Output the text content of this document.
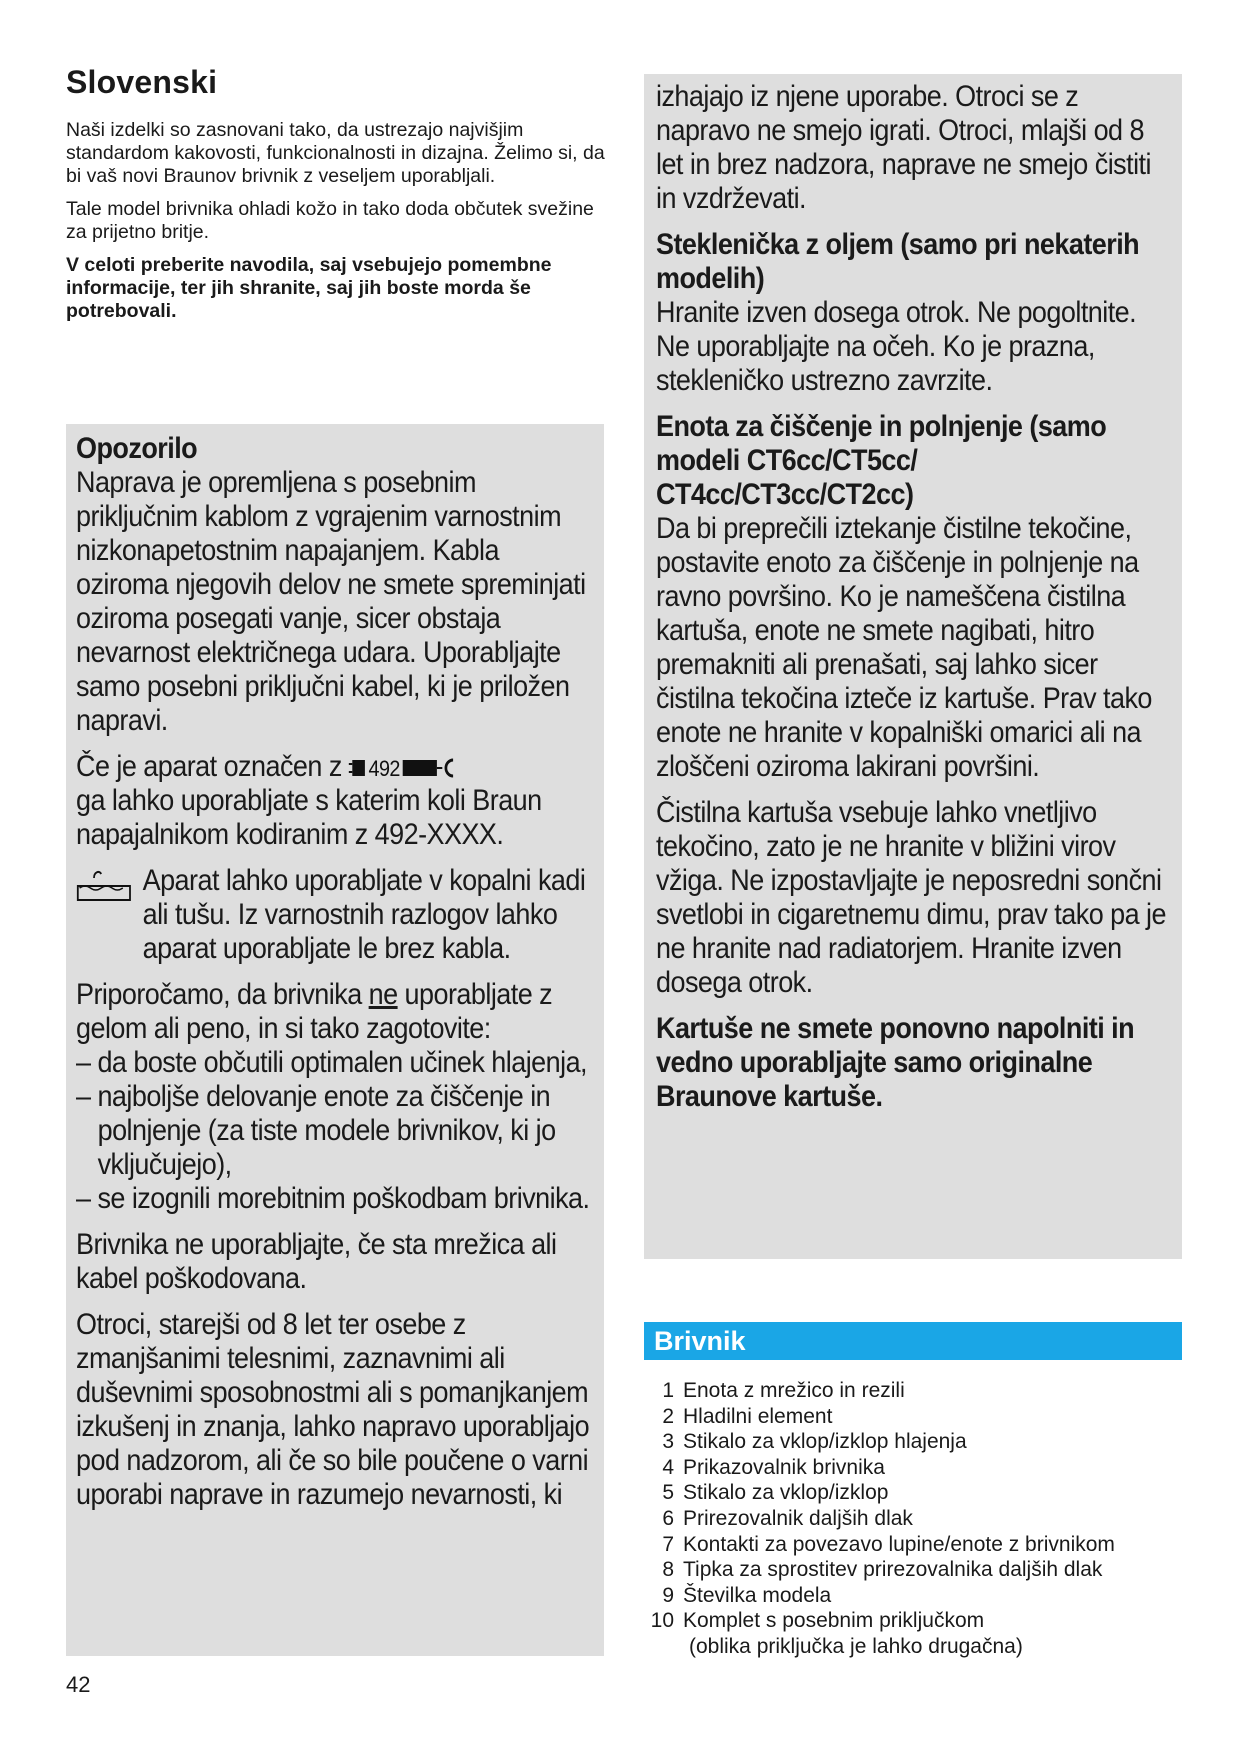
Slovenski

Naši izdelki so zasnovani tako, da ustrezajo najvišjim standardom kakovosti, funkcionalnosti in dizajna. Želimo si, da bi vaš novi Braunov brivnik z veseljem uporabljali.

Tale model brivnika ohladi kožo in tako doda občutek svežine za prijetno britje.

V celoti preberite navodila, saj vsebujejo pomembne informacije, ter jih shranite, saj jih boste morda še potrebovali.

Opozorilo

Naprava je opremljena s posebnim priključnim kablom z vgrajenim varnostnim nizkonapetostnim napajanjem. Kabla oziroma njegovih delov ne smete spreminjati oziroma posegati vanje, sicer obstaja nevarnost električnega udara. Uporabljajte samo posebni priključni kabel, ki je priložen napravi.

Če je aparat označen z 492

ga lahko uporabljate s katerim koli Braun napajalnikom kodiranim z 492-XXXX.

Aparat lahko uporabljate v kopalni kadi ali tušu. Iz varnostnih razlogov lahko aparat uporabljate le brez kabla.

Priporočamo, da brivnika ne uporabljate z gelom ali peno, in si tako zagotovite:

– da boste občutili optimalen učinek hlajenja,
– najboljše delovanje enote za čiščenje in polnjenje (za tiste modele brivnikov, ki jo vključujejo),
– se izognili morebitnim poškodbam brivnika.

Brivnika ne uporabljajte, če sta mrežica ali kabel poškodovana.

Otroci, starejši od 8 let ter osebe z zmanjšanimi telesnimi, zaznavnimi ali duševnimi sposobnostmi ali s pomanjkanjem izkušenj in znanja, lahko napravo uporabljajo pod nadzorom, ali če so bile poučene o varni uporabi naprave in razumejo nevarnosti, ki

izhajajo iz njene uporabe. Otroci se z napravo ne smejo igrati. Otroci, mlajši od 8 let in brez nadzora, naprave ne smejo čistiti in vzdrževati.

Steklenička z oljem (samo pri nekaterih modelih)

Hranite izven dosega otrok. Ne pogoltnite. Ne uporabljajte na očeh. Ko je prazna, stekleničko ustrezno zavrzite.

Enota za čiščenje in polnjenje (samo modeli CT6cc/CT5cc/ CT4cc/CT3cc/CT2cc)

Da bi preprečili iztekanje čistilne tekočine, postavite enoto za čiščenje in polnjenje na ravno površino. Ko je nameščena čistilna kartuša, enote ne smete nagibati, hitro premakniti ali prenašati, saj lahko sicer čistilna tekočina izteče iz kartuše. Prav tako enote ne hranite v kopalniški omarici ali na zloščeni oziroma lakirani površini.

Čistilna kartuša vsebuje lahko vnetljivo tekočino, zato je ne hranite v bližini virov vžiga. Ne izpostavljajte je neposredni sončni svetlobi in cigaretnemu dimu, prav tako pa je ne hranite nad radiatorjem. Hranite izven dosega otrok.

Kartuše ne smete ponovno napolniti in vedno uporabljajte samo originalne Braunove kartuše.

Brivnik
1 Enota z mrežico in rezili
2 Hladilni element
3 Stikalo za vklop/izklop hlajenja
4 Prikazovalnik brivnika
5 Stikalo za vklop/izklop
6 Prirezovalnik daljših dlak
7 Kontakti za povezavo lupine/enote z brivnikom
8 Tipka za sprostitev prirezovalnika daljših dlak
9 Številka modela
10 Komplet s posebnim priključkom
(oblika priključka je lahko drugačna)
42
